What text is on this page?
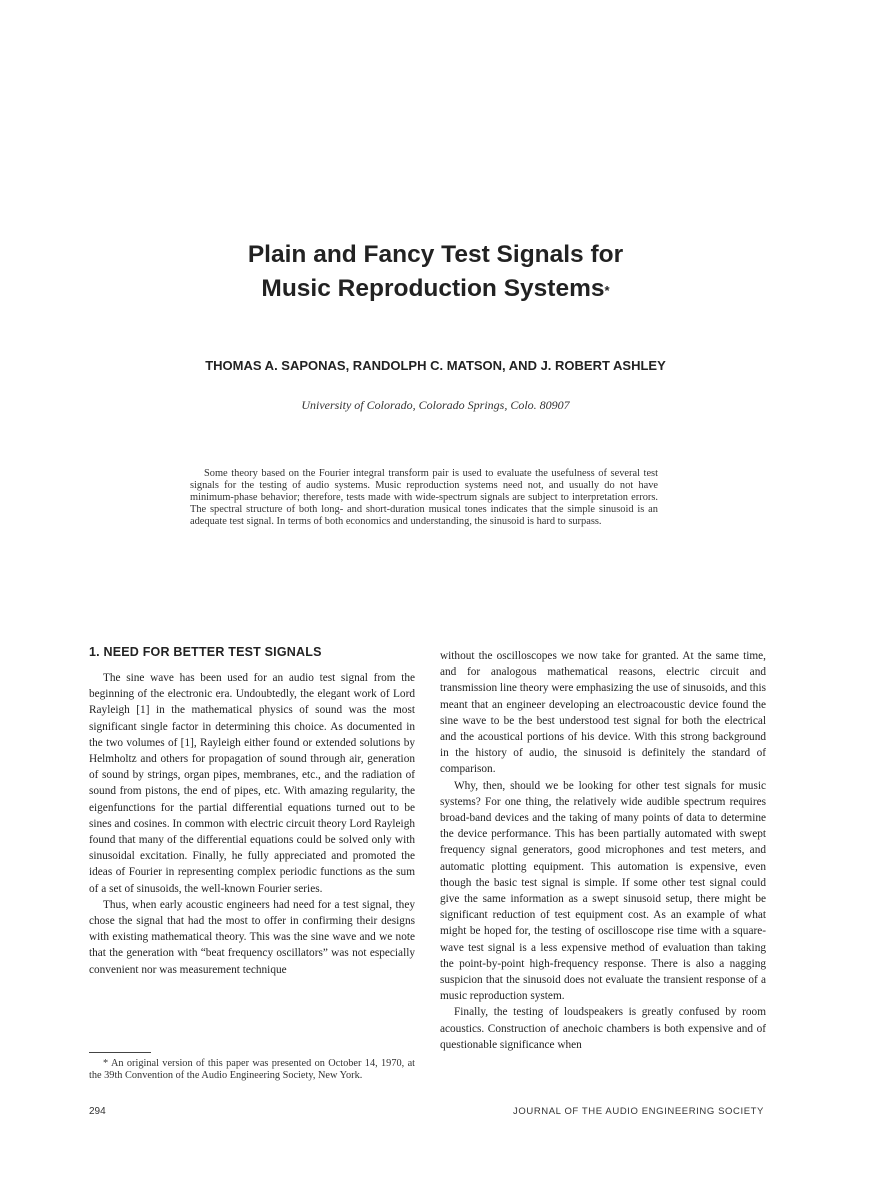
Plain and Fancy Test Signals for
Music Reproduction Systems*
THOMAS A. SAPONAS, RANDOLPH C. MATSON, AND J. ROBERT ASHLEY
University of Colorado, Colorado Springs, Colo. 80907
Some theory based on the Fourier integral transform pair is used to evaluate the usefulness of several test signals for the testing of audio systems. Music reproduction systems need not, and usually do not have minimum-phase behavior; therefore, tests made with wide-spectrum signals are subject to interpretation errors. The spectral structure of both long- and short-duration musical tones indicates that the simple sinusoid is an adequate test signal. In terms of both economics and understanding, the sinusoid is hard to surpass.
1. NEED FOR BETTER TEST SIGNALS

The sine wave has been used for an audio test signal from the beginning of the electronic era. Undoubtedly, the elegant work of Lord Rayleigh [1] in the mathematical physics of sound was the most significant single factor in determining this choice. As documented in the two volumes of [1], Rayleigh either found or extended solutions by Helmholtz and others for propagation of sound through air, generation of sound by strings, organ pipes, membranes, etc., and the radiation of sound from pistons, the end of pipes, etc. With amazing regularity, the eigenfunctions for the partial differential equations turned out to be sines and cosines. In common with electric circuit theory Lord Rayleigh found that many of the differential equations could be solved only with sinusoidal excitation. Finally, he fully appreciated and promoted the ideas of Fourier in representing complex periodic functions as the sum of a set of sinusoids, the well-known Fourier series.

Thus, when early acoustic engineers had need for a test signal, they chose the signal that had the most to offer in confirming their designs with existing mathematical theory. This was the sine wave and we note that the generation with “beat frequency oscillators” was not especially convenient nor was measurement technique

without the oscilloscopes we now take for granted. At the same time, and for analogous mathematical reasons, electric circuit and transmission line theory were emphasizing the use of sinusoids, and this meant that an engineer developing an electroacoustic device found the sine wave to be the best understood test signal for both the electrical and the acoustical portions of his device. With this strong background in the history of audio, the sinusoid is definitely the standard of comparison.

Why, then, should we be looking for other test signals for music systems? For one thing, the relatively wide audible spectrum requires broad-band devices and the taking of many points of data to determine the device performance. This has been partially automated with swept frequency signal generators, good microphones and test meters, and automatic plotting equipment. This automation is expensive, even though the basic test signal is simple. If some other test signal could give the same information as a swept sinusoid setup, there might be significant reduction of test equipment cost. As an example of what might be hoped for, the testing of oscilloscope rise time with a square-wave test signal is a less expensive method of evaluation than taking the point-by-point high-frequency response. There is also a nagging suspicion that the sinusoid does not evaluate the transient response of a music reproduction system.

Finally, the testing of loudspeakers is greatly confused by room acoustics. Construction of anechoic chambers is both expensive and of questionable significance when

* An original version of this paper was presented on October 14, 1970, at the 39th Convention of the Audio Engineering Society, New York.
294	JOURNAL OF THE AUDIO ENGINEERING SOCIETY
